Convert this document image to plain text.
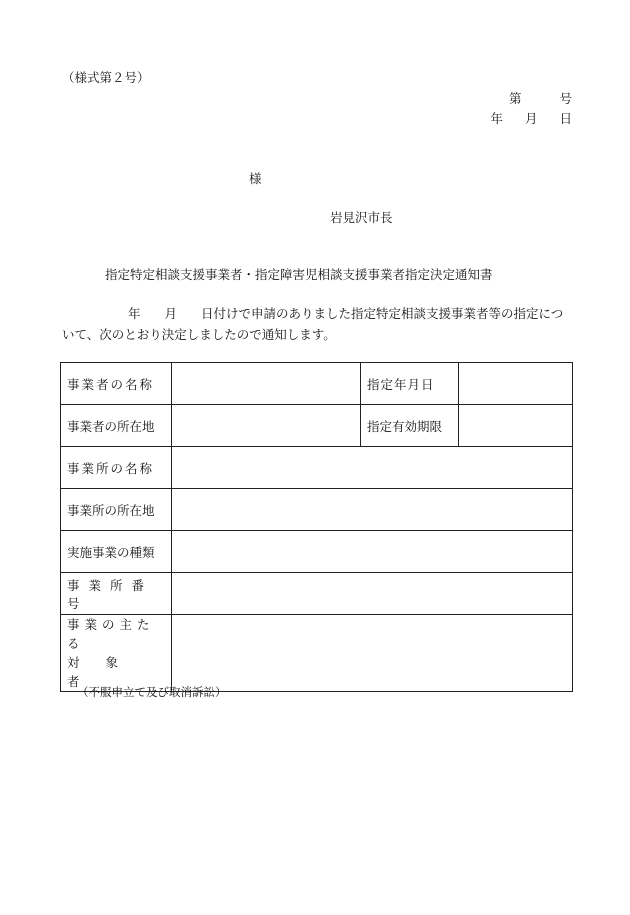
（様式第２号）
第	号
年 月 日
様
岩見沢市長
指定特定相談支援事業者・指定障害児相談支援事業者指定決定通知書
年 月 日付けで申請のありました指定特定相談支援事業者等の指定について、次のとおり決定しましたので通知します。
事業者の名称		指定年月日	
事業者の所在地		指定有効期限	
事業所の名称			
事業所の所在地			
実施事業の種類			
事業所番号			
事業の主たる
対象者			
（不服申立て及び取消訴訟）
